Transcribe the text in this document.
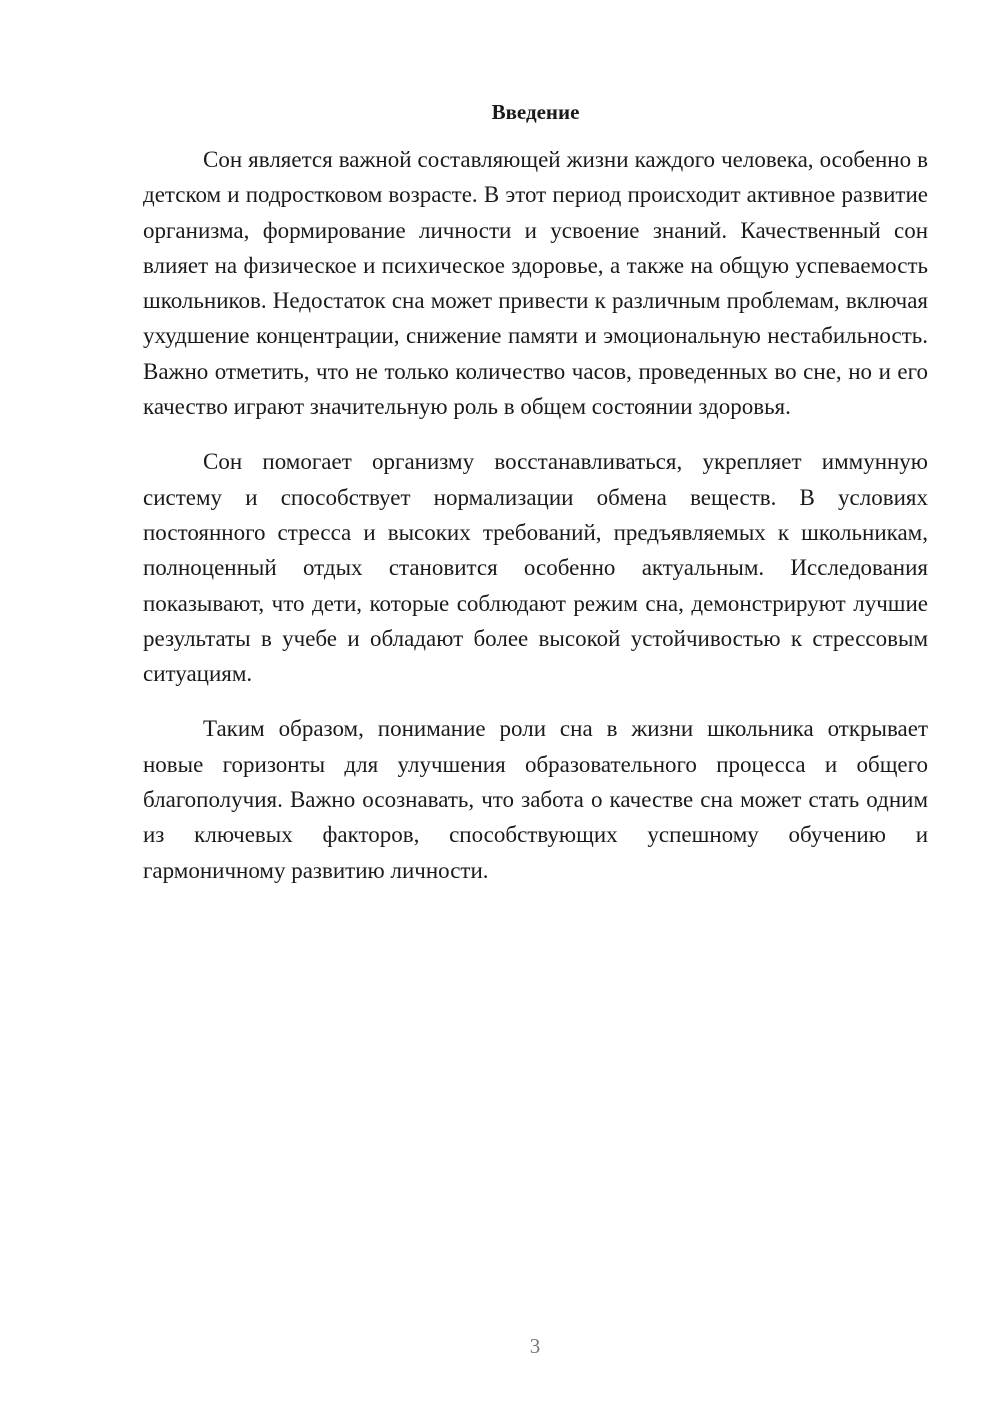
Введение

Сон является важной составляющей жизни каждого человека, особенно в детском и подростковом возрасте. В этот период происходит активное развитие организма, формирование личности и усвоение знаний. Качественный сон влияет на физическое и психическое здоровье, а также на общую успеваемость школьников. Недостаток сна может привести к различным проблемам, включая ухудшение концентрации, снижение памяти и эмоциональную нестабильность. Важно отметить, что не только количество часов, проведенных во сне, но и его качество играют значительную роль в общем состоянии здоровья.

Сон помогает организму восстанавливаться, укрепляет иммунную систему и способствует нормализации обмена веществ. В условиях постоянного стресса и высоких требований, предъявляемых к школьникам, полноценный отдых становится особенно актуальным. Исследования показывают, что дети, которые соблюдают режим сна, демонстрируют лучшие результаты в учебе и обладают более высокой устойчивостью к стрессовым ситуациям.

Таким образом, понимание роли сна в жизни школьника открывает новые горизонты для улучшения образовательного процесса и общего благополучия. Важно осознавать, что забота о качестве сна может стать одним из ключевых факторов, способствующих успешному обучению и гармоничному развитию личности.

3
